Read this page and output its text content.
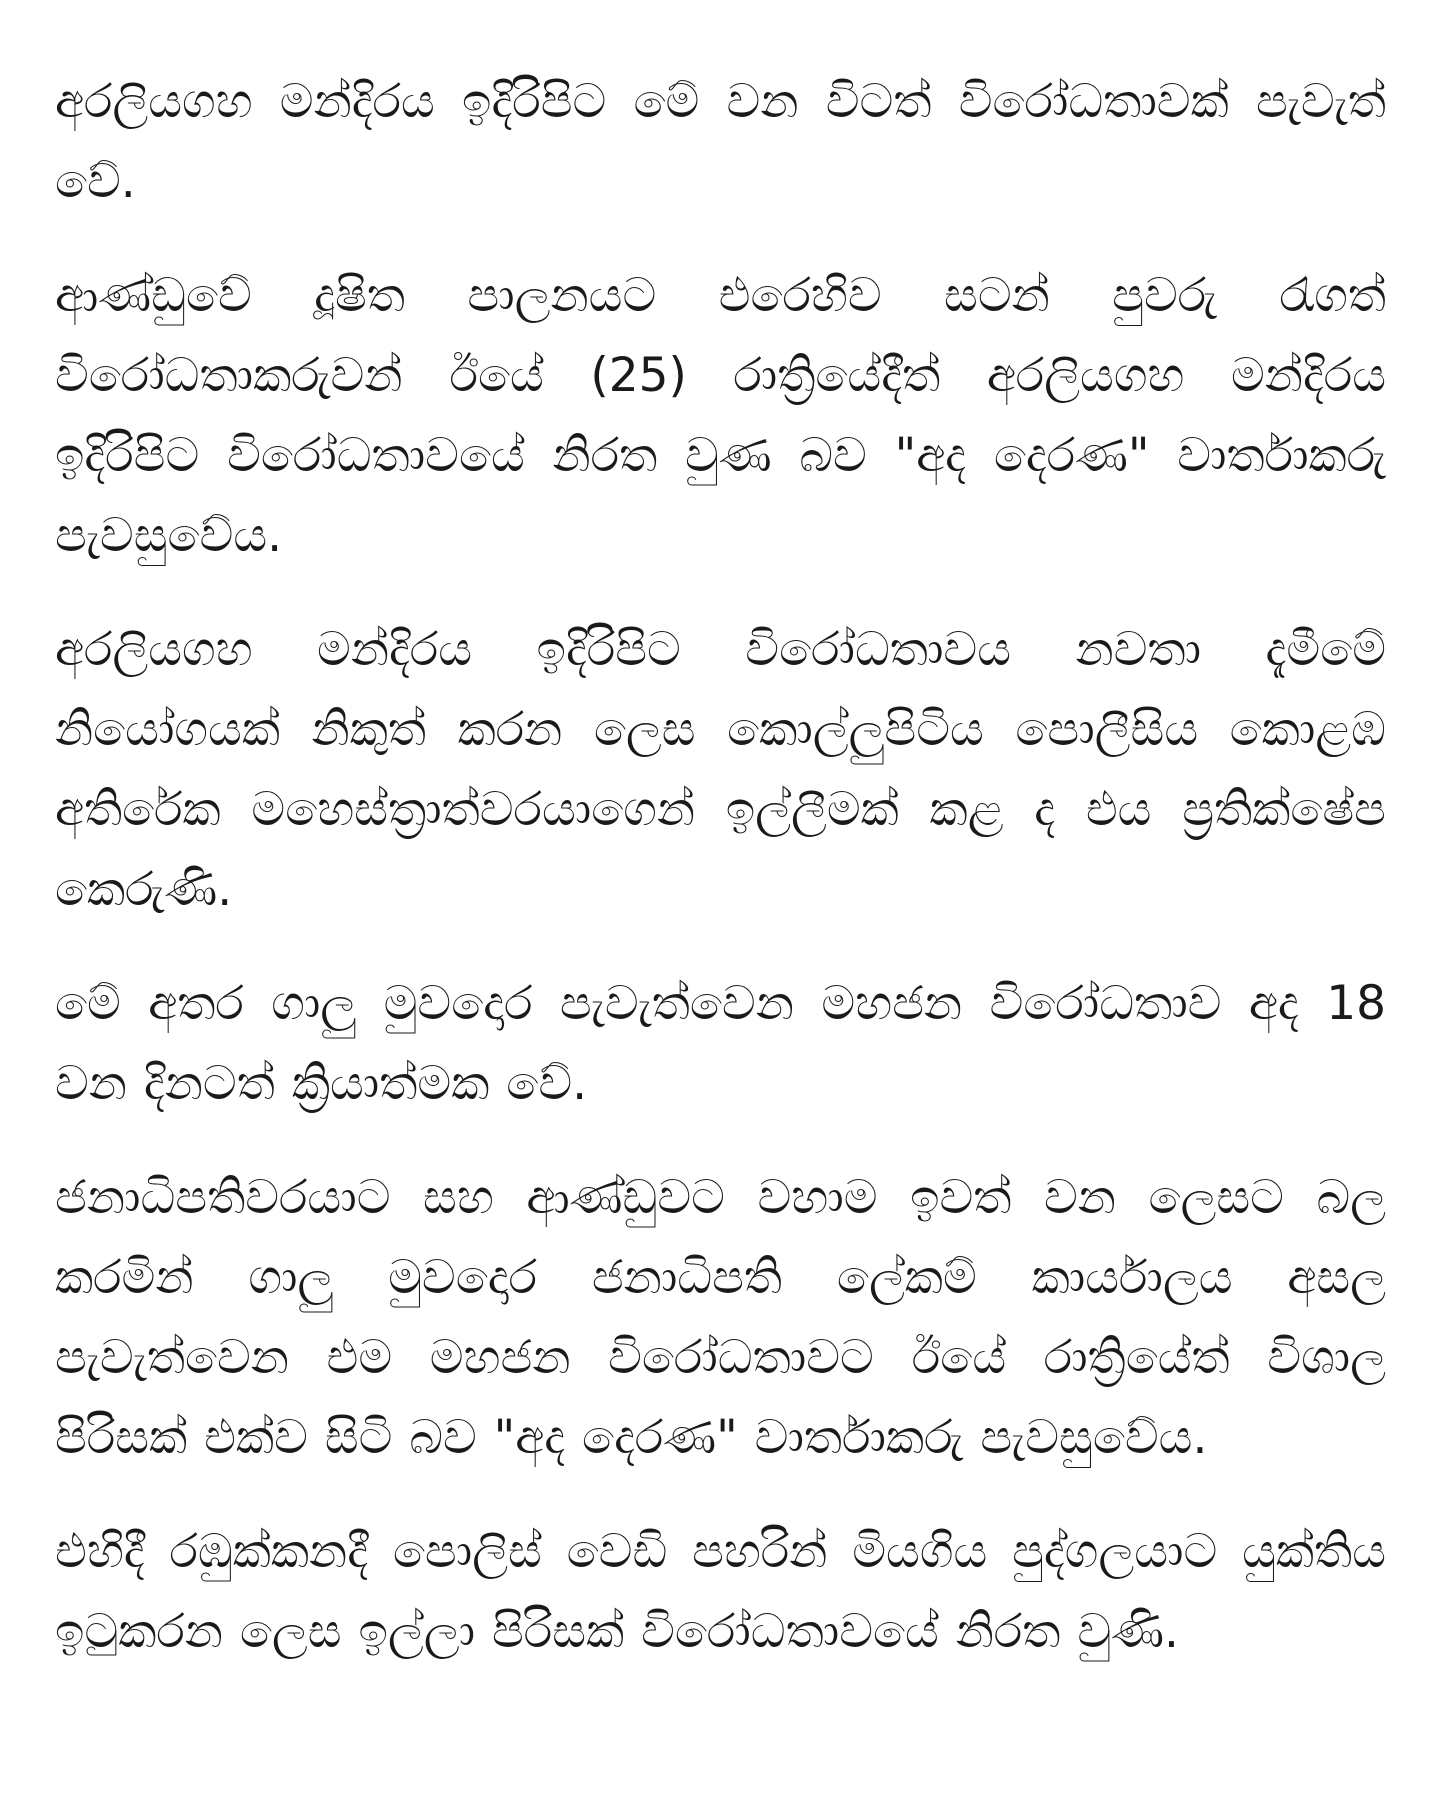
අරලියගහ මන්දිරය ඉදිරිපිට මේ වන විටත් විරෝධතාවක් පැවැත් වේ.

ආණ්ඩුවේ දූෂිත පාලනයට එරෙහිව සටන් පුවරු රැගත් විරෝධතාකරුවන් ඊයේ (25) රාත්‍රියේදීත් අරලියගහ මන්දිරය ඉදිරිපිට විරෝධතාවයේ නිරත වුණ බව "අද දෙරණ" වාර්තාකරු පැවසුවේය.

අරලියගහ මන්දිරය ඉදිරිපිට විරෝධතාවය නවතා දැමීමේ නියෝගයක් නිකුත් කරන ලෙස කොල්ලුපිටිය පොලීසිය කොළඹ අතිරේක මහෙස්ත්‍රාත්වරයාගෙන් ඉල්ලීමක් කළ ද එය ප්‍රතික්ෂේප කෙරුණි.

මේ අතර ගාලු මුවදොර පැවැත්වෙන මහජන විරෝධතාව අද 18 වන දිනටත් ක්‍රියාත්මක වේ.

ජනාධිපතිවරයාට සහ ආණ්ඩුවට වහාම ඉවත් වන ලෙසට බල කරමින් ගාලු මුවදොර ජනාධිපති ලේකම් කාර්යාලය අසල පැවැත්වෙන එම මහජන විරෝධතාවට ඊයේ රාත්‍රියේත් විශාල පිරිසක් එක්ව සිටි බව "අද දෙරණ" වාර්තාකරු පැවසුවේය.

එහිදී රඹුක්කනදී පොලිස් වෙඩි පහරින් මියගිය පුද්ගලයාට යුක්තිය ඉටුකරන ලෙස ඉල්ලා පිරිසක් විරෝධතාවයේ නිරත වුණි.
